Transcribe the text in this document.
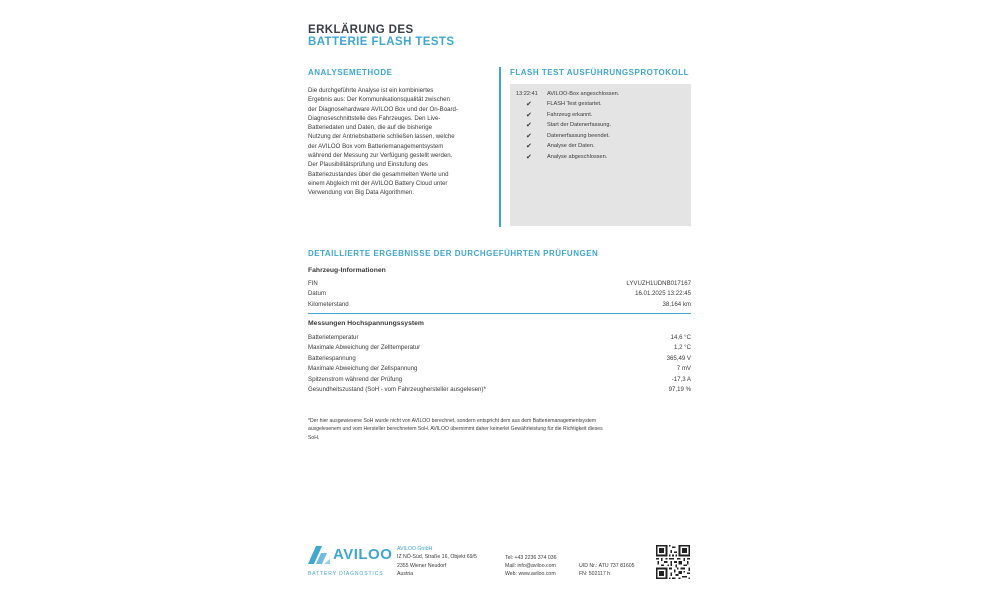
ERKLÄRUNG DES
BATTERIE FLASH TESTS
ANALYSEMETHODE
Die durchgeführte Analyse ist ein kombiniertes
Ergebnis aus: Der Kommunikationsqualität zwischen
der Diagnosehardware AVILOO Box und der On-Board-
Diagnoseschnittstelle des Fahrzeuges. Den Live-
Batteriedaten und Daten, die auf die bisherige
Nutzung der Antriebsbatterie schließen lassen, welche
der AVILOO Box vom Batteriemanagementsystem
während der Messung zur Verfügung gestellt werden.
Der Plausibilitätsprüfung und Einstufung des
Batteriezustandes über die gesammelten Werte und
einem Abgleich mit der AVILOO Battery Cloud unter
Verwendung von Big Data Algorithmen.
FLASH TEST AUSFÜHRUNGSPROTOKOLL
13:22:41 AVILOO-Box angeschlossen.
✔	FLASH Test gestartet.
✔	Fahrzeug erkannt.
✔	Start der Datenerfassung.
✔	Datenerfassung beendet.
✔	Analyse der Daten.
✔	Analyse abgeschlossen.
DETAILLIERTE ERGEBNISSE DER DURCHGEFÜHRTEN PRÜFUNGEN
Fahrzeug-Informationen
FIN	LYVUZH1UDNB017167
Datum	16.01.2025 13:22:45
Kilometerstand	38,164 km
Messungen Hochspannungssystem
Batterietemperatur	14,6 °C
Maximale Abweichung der Zelltemperatur	1,2 °C
Batteriespannung	365,49 V
Maximale Abweichung der Zellspannung	7 mV
Spitzenstrom während der Prüfung	-17,3 A
Gesundheitszustand (SoH - vom Fahrzeughersteller ausgelesen)*	97,19 %
*Der hier ausgewiesene SoH wurde nicht von AVILOO berechnet, sondern entspricht dem aus dem Batteriemanagementsystem
ausgelesenem und vom Hersteller berechnetem SoH. AVILOO übernimmt daher keinerlei Gewährleistung für die Richtigkeit dieses
SoH.
AVILOO
BATTERY DIAGNOSTICS
AVILOO GmbH
IZ NÖ-Süd, Straße 16, Objekt 69/5
2355 Wiener Neudorf
Austria
Tel: +43 2236 374 036
Mail: info@aviloo.com
Web: www.aviloo.com
UID Nr.: ATU 737 81605
FN: 502117 h
